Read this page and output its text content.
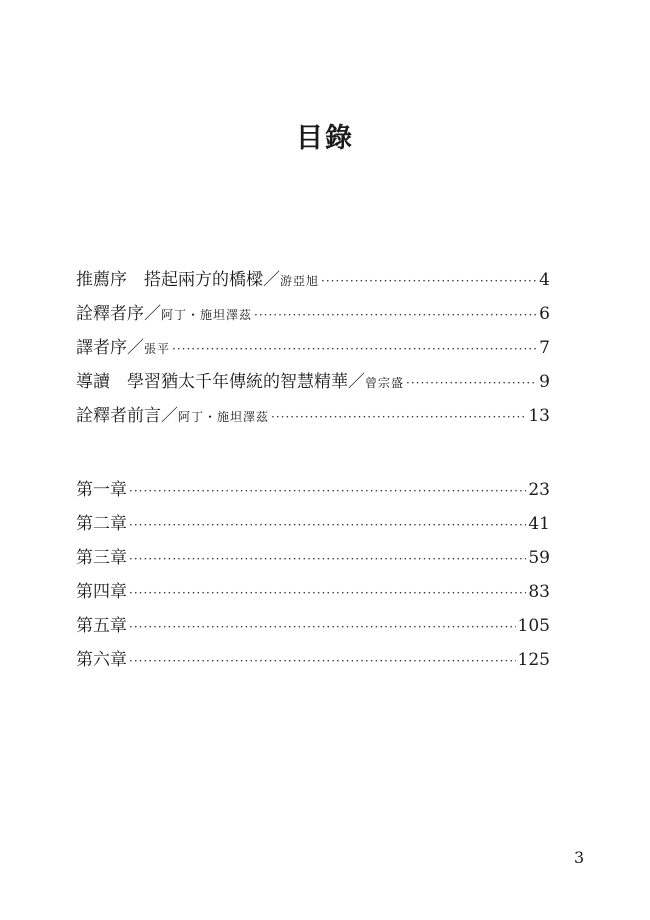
目錄
推薦序　搭起兩方的橋樑／ 游亞旭 ·····	4
詮釋者序／ 阿丁・施坦澤茲 ·····	6
譯者序／ 張平 ·····	7
導讀　學習猶太千年傳統的智慧精華／ 曾宗盛 ·····	9
詮釋者前言／ 阿丁・施坦澤茲 ·····	13
第一章 ·····	23
第二章 ·····	41
第三章 ·····	59
第四章 ·····	83
第五章 ·····	105
第六章 ·····	125
3
